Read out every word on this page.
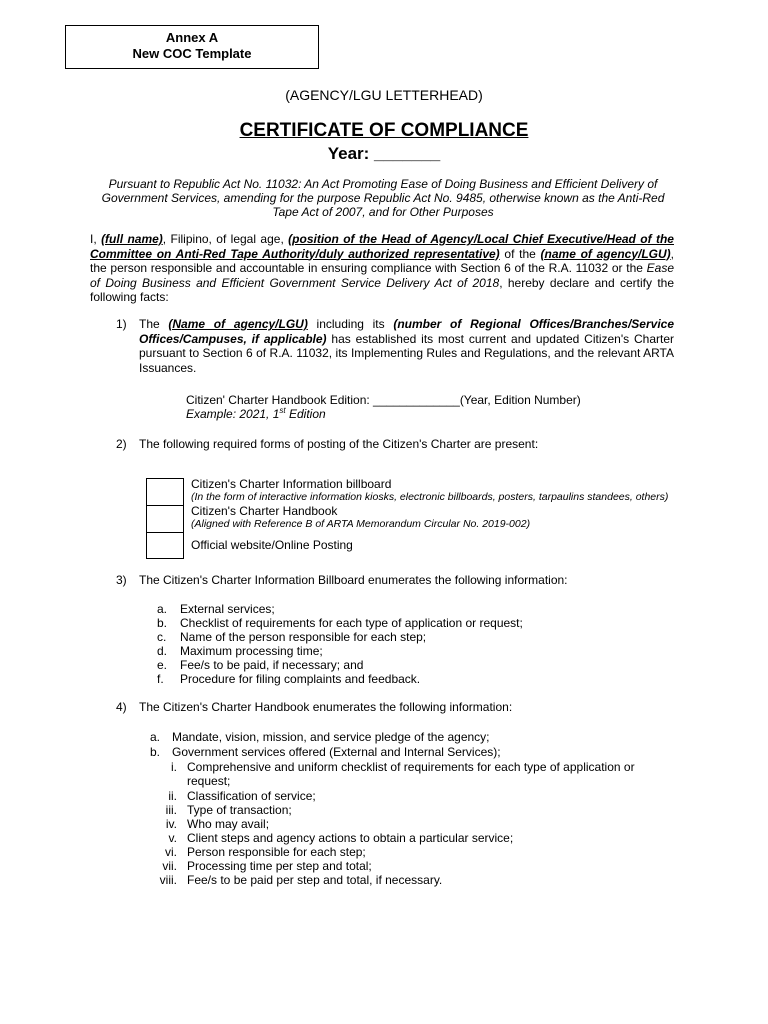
Annex A
New COC Template
(AGENCY/LGU LETTERHEAD)
CERTIFICATE OF COMPLIANCE
Year: _______
Pursuant to Republic Act No. 11032: An Act Promoting Ease of Doing Business and Efficient Delivery of Government Services, amending for the purpose Republic Act No. 9485, otherwise known as the Anti-Red Tape Act of 2007, and for Other Purposes
I, (full name), Filipino, of legal age, (position of the Head of Agency/Local Chief Executive/Head of the Committee on Anti-Red Tape Authority/duly authorized representative) of the (name of agency/LGU), the person responsible and accountable in ensuring compliance with Section 6 of the R.A. 11032 or the Ease of Doing Business and Efficient Government Service Delivery Act of 2018, hereby declare and certify the following facts:
1) The (Name of agency/LGU) including its (number of Regional Offices/Branches/Service Offices/Campuses, if applicable) has established its most current and updated Citizen's Charter pursuant to Section 6 of R.A. 11032, its Implementing Rules and Regulations, and the relevant ARTA Issuances.
Citizen' Charter Handbook Edition: _____________(Year, Edition Number)
Example: 2021, 1st Edition
2) The following required forms of posting of the Citizen's Charter are present:
Citizen's Charter Information billboard
(In the form of interactive information kiosks, electronic billboards, posters, tarpaulins standees, others)
Citizen's Charter Handbook
(Aligned with Reference B of ARTA Memorandum Circular No. 2019-002)
Official website/Online Posting
3) The Citizen's Charter Information Billboard enumerates the following information:
a. External services;
b. Checklist of requirements for each type of application or request;
c. Name of the person responsible for each step;
d. Maximum processing time;
e. Fee/s to be paid, if necessary; and
f. Procedure for filing complaints and feedback.
4) The Citizen's Charter Handbook enumerates the following information:
a. Mandate, vision, mission, and service pledge of the agency;
b. Government services offered (External and Internal Services);
i. Comprehensive and uniform checklist of requirements for each type of application or request;
ii. Classification of service;
iii. Type of transaction;
iv. Who may avail;
v. Client steps and agency actions to obtain a particular service;
vi. Person responsible for each step;
vii. Processing time per step and total;
viii. Fee/s to be paid per step and total, if necessary.
